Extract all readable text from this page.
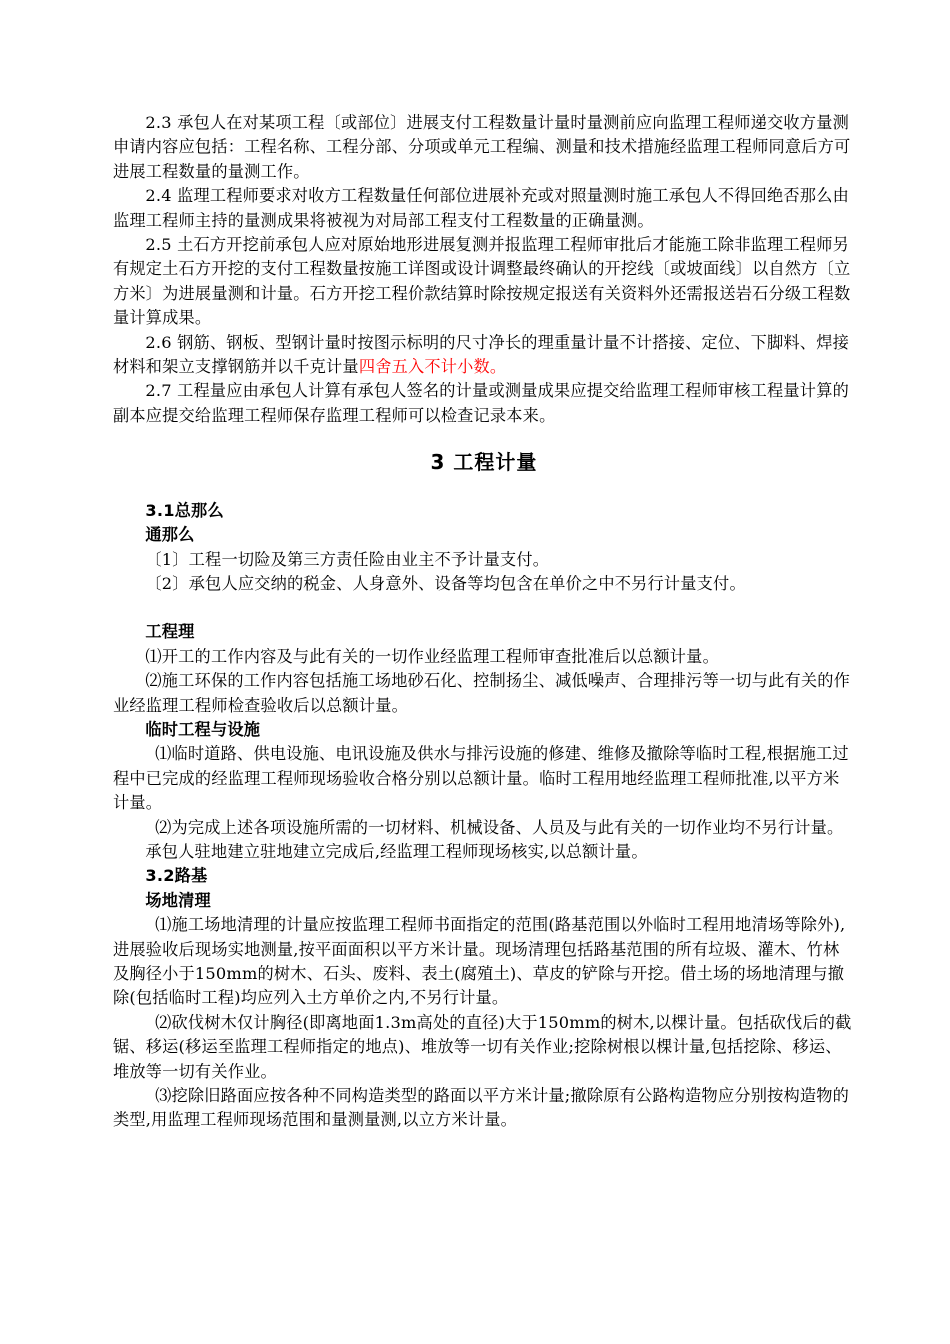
2.3 承包人在对某项工程〔或部位〕进展支付工程数量计量时量测前应向监理工程师递交收方量测申请内容应包括：工程名称、工程分部、分项或单元工程编、测量和技术措施经监理工程师同意后方可进展工程数量的量测工作。

2.4 监理工程师要求对收方工程数量任何部位进展补充或对照量测时施工承包人不得回绝否那么由监理工程师主持的量测成果将被视为对局部工程支付工程数量的正确量测。

2.5 土石方开挖前承包人应对原始地形进展复测并报监理工程师审批后才能施工除非监理工程师另有规定土石方开挖的支付工程数量按施工详图或设计调整最终确认的开挖线〔或坡面线〕以自然方〔立方米〕为进展量测和计量。石方开挖工程价款结算时除按规定报送有关资料外还需报送岩石分级工程数量计算成果。

2.6 钢筋、钢板、型钢计量时按图示标明的尺寸净长的理重量计量不计搭接、定位、下脚料、焊接材料和架立支撑钢筋并以千克计量四舍五入不计小数。

2.7 工程量应由承包人计算有承包人签名的计量或测量成果应提交给监理工程师审核工程量计算的副本应提交给监理工程师保存监理工程师可以检查记录本来。

3 工程计量

3.1总那么

通那么

〔1〕工程一切险及第三方责任险由业主不予计量支付。

〔2〕承包人应交纳的税金、人身意外、设备等均包含在单价之中不另行计量支付。

工程理

⑴开工的工作内容及与此有关的一切作业经监理工程师审查批准后以总额计量。

⑵施工环保的工作内容包括施工场地砂石化、控制扬尘、减低噪声、合理排污等一切与此有关的作业经监理工程师检查验收后以总额计量。

临时工程与设施

⑴临时道路、供电设施、电讯设施及供水与排污设施的修建、维修及撤除等临时工程,根据施工过程中已完成的经监理工程师现场验收合格分别以总额计量。临时工程用地经监理工程师批准,以平方米计量。

⑵为完成上述各项设施所需的一切材料、机械设备、人员及与此有关的一切作业均不另行计量。

承包人驻地建立驻地建立完成后,经监理工程师现场核实,以总额计量。

3.2路基

场地清理

⑴施工场地清理的计量应按监理工程师书面指定的范围(路基范围以外临时工程用地清场等除外),进展验收后现场实地测量,按平面面积以平方米计量。现场清理包括路基范围的所有垃圾、灌木、竹林及胸径小于150mm的树木、石头、废料、表土(腐殖土)、草皮的铲除与开挖。借土场的场地清理与撤除(包括临时工程)均应列入土方单价之内,不另行计量。

⑵砍伐树木仅计胸径(即离地面1.3m高处的直径)大于150mm的树木,以棵计量。包括砍伐后的截锯、移运(移运至监理工程师指定的地点)、堆放等一切有关作业;挖除树根以棵计量,包括挖除、移运、堆放等一切有关作业。

⑶挖除旧路面应按各种不同构造类型的路面以平方米计量;撤除原有公路构造物应分别按构造物的类型,用监理工程师现场范围和量测量测,以立方米计量。
